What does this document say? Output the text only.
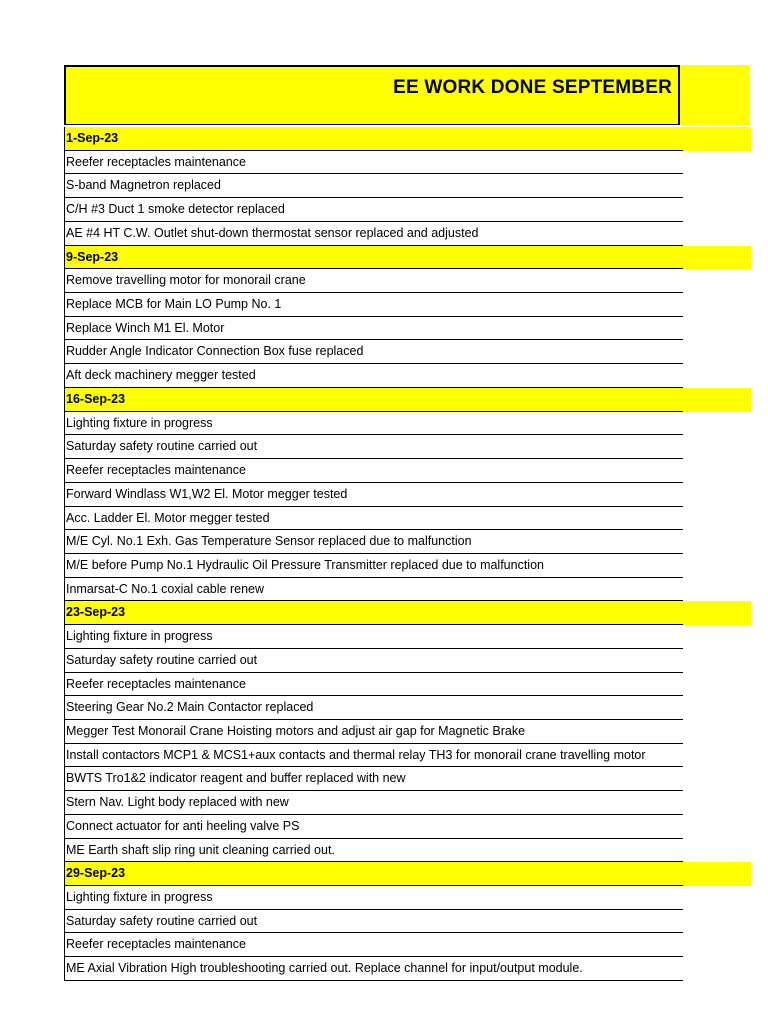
EE WORK DONE SEPTEMBER
1-Sep-23
Reefer receptacles maintenance
S-band Magnetron replaced
C/H #3 Duct 1 smoke detector replaced
AE #4 HT C.W. Outlet shut-down thermostat sensor replaced and adjusted
9-Sep-23
Remove travelling motor for monorail crane
Replace MCB for Main LO Pump No. 1
Replace Winch M1 El. Motor
Rudder Angle Indicator Connection Box fuse replaced
Aft deck machinery megger tested
16-Sep-23
Lighting fixture in progress
Saturday safety routine carried out
Reefer receptacles maintenance
Forward Windlass W1,W2 El. Motor megger tested
Acc. Ladder El. Motor megger tested
M/E Cyl. No.1 Exh. Gas Temperature Sensor replaced due to malfunction
M/E before Pump No.1 Hydraulic Oil Pressure Transmitter replaced due to malfunction
Inmarsat-C No.1 coxial cable renew
23-Sep-23
Lighting fixture in progress
Saturday safety routine carried out
Reefer receptacles maintenance
Steering Gear No.2 Main Contactor replaced
Megger Test Monorail Crane Hoisting motors and adjust air gap for Magnetic Brake
Install contactors MCP1 & MCS1+aux contacts and thermal relay TH3 for monorail crane travelling motor
BWTS Tro1&2 indicator reagent and buffer replaced with new
Stern Nav. Light body replaced with new
Connect actuator for anti heeling valve PS
ME Earth shaft slip ring unit cleaning carried out.
29-Sep-23
Lighting fixture in progress
Saturday safety routine carried out
Reefer receptacles maintenance
ME Axial Vibration High troubleshooting carried out. Replace channel for input/output module.
